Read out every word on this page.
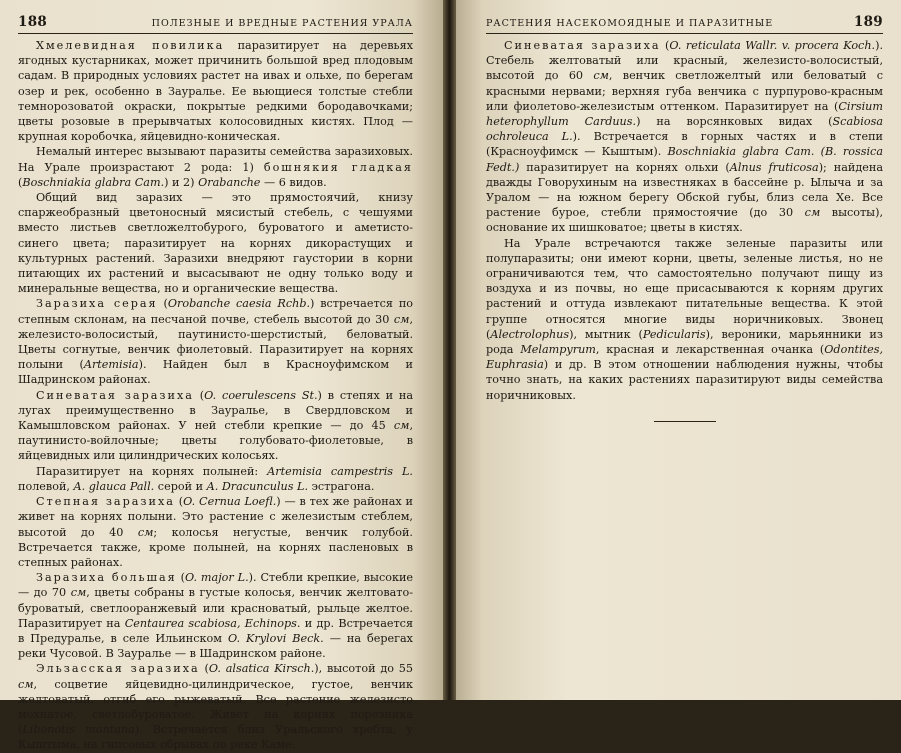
188	ПОЛЕЗНЫЕ И ВРЕДНЫЕ РАСТЕНИЯ УРАЛА

Хмелевидная повилика паразитирует на деревьях ягодных кустарниках, может причинить большой вред плодовым садам. В природных условиях растет на ивах и ольхе, по берегам озер и рек, особенно в Зауралье. Ее вьющиеся толстые стебли темнорозоватой окраски, покрытые редкими бородавочками; цветы розовые в прерывчатых колосовидных кистях. Плод — крупная коробочка, яйцевидно-коническая.

Немалый интерес вызывают паразиты семейства заразиховых. На Урале произрастают 2 рода: 1) бошнякия гладкая (Boschniakia glabra Cam.) и 2) Orabanche — 6 видов.

Общий вид заразих — это прямостоячий, книзу спаржеобразный цветоносный мясистый стебель, с чешуями вместо листьев светложелтобурого, буроватого и аметисто-синего цвета; паразитирует на корнях дикорастущих и культурных растений. Заразихи внедряют гаустории в корни питающих их растений и высасывают не одну только воду и минеральные вещества, но и органические вещества.

Заразиха серая (Orobanche caesia Rchb.) встречается по степным склонам, на песчаной почве, стебель высотой до 30 см, железисто-волосистый, паутинисто-шерстистый, беловатый. Цветы согнутые, венчик фиолетовый. Паразитирует на корнях полыни (Artemisia). Найден был в Красноуфимском и Шадринском районах.

Синеватая заразиха (O. coerulescens St.) в степях и на лугах преимущественно в Зауралье, в Свердловском и Камышловском районах. У ней стебли крепкие — до 45 см, паутинисто-войлочные; цветы голубовато-фиолетовые, в яйцевидных или цилиндрических колосьях.

Паразитирует на корнях полыней: Artemisia campestris L. полевой, A. glauca Pall. серой и A. Dracunculus L. эстрагона.

Степная заразиха (O. Cernua Loefl.) — в тех же районах и живет на корнях полыни. Это растение с железистым стеблем, высотой до 40 см; колосья негустые, венчик голубой. Встречается также, кроме полыней, на корнях пасленовых в степных районах.

Заразиха большая (O. major L.). Стебли крепкие, высокие — до 70 см, цветы собраны в густые колосья, венчик желтовато-буроватый, светлооранжевый или красноватый, рыльце желтое. Паразитирует на Centaurea scabiosa, Echinops. и др. Встречается в Предуралье, в селе Ильинском O. Krylovi Beck. — на берегах реки Чусовой. В Зауралье — в Шадринском районе.

Эльзасская заразиха (O. alsatica Kirsch.), высотой до 55 см, соцветие яйцевидно-цилиндрическое, густое, венчик желтоватый, отгиб его рыжеватый. Все растение железисто мохнатое, светлобуроватое. Живет на корнях порезника (Libonotis montana). Встречается близ Уральского хребта, у Кыштыма, на гипсовых обрывах по реке Каме.

РАСТЕНИЯ НАСЕКОМОЯДНЫЕ И ПАРАЗИТНЫЕ	189

Синеватая заразиха (O. reticulata Wallr. v. procera Koch.). Стебель желтоватый или красный, железисто-волосистый, высотой до 60 см, венчик светложелтый или беловатый с красными нервами; верхняя губа венчика с пурпурово-красным или фиолетово-железистым оттенком. Паразитирует на (Cirsium heterophyllum Carduus.) на ворсянковых видах (Scabiosa ochroleuca L.). Встречается в горных частях и в степи (Красноуфимск — Кыштым). Boschniakia glabra Cam. (B. rossica Fedt.) паразитирует на корнях ольхи (Alnus fruticosa); найдена дважды Говорухиным на известняках в бассейне р. Ылыча и за Уралом — на южном берегу Обской губы, близ села Хе. Все растение бурое, стебли прямостоячие (до 30 см высоты), основание их шишковатое; цветы в кистях.

На Урале встречаются также зеленые паразиты или полупаразиты; они имеют корни, цветы, зеленые листья, но не ограничиваются тем, что самостоятельно получают пищу из воздуха и из почвы, но еще присасываются к корням других растений и оттуда извлекают питательные вещества. К этой группе относятся многие виды норичниковых. Звонец (Alectrolophus), мытник (Pedicularis), вероники, марьянники из рода Melampyrum, красная и лекарственная очанка (Odontites, Euphrasia) и др. В этом отношении наблюдения нужны, чтобы точно знать, на каких растениях паразитируют виды семейства норичниковых.
